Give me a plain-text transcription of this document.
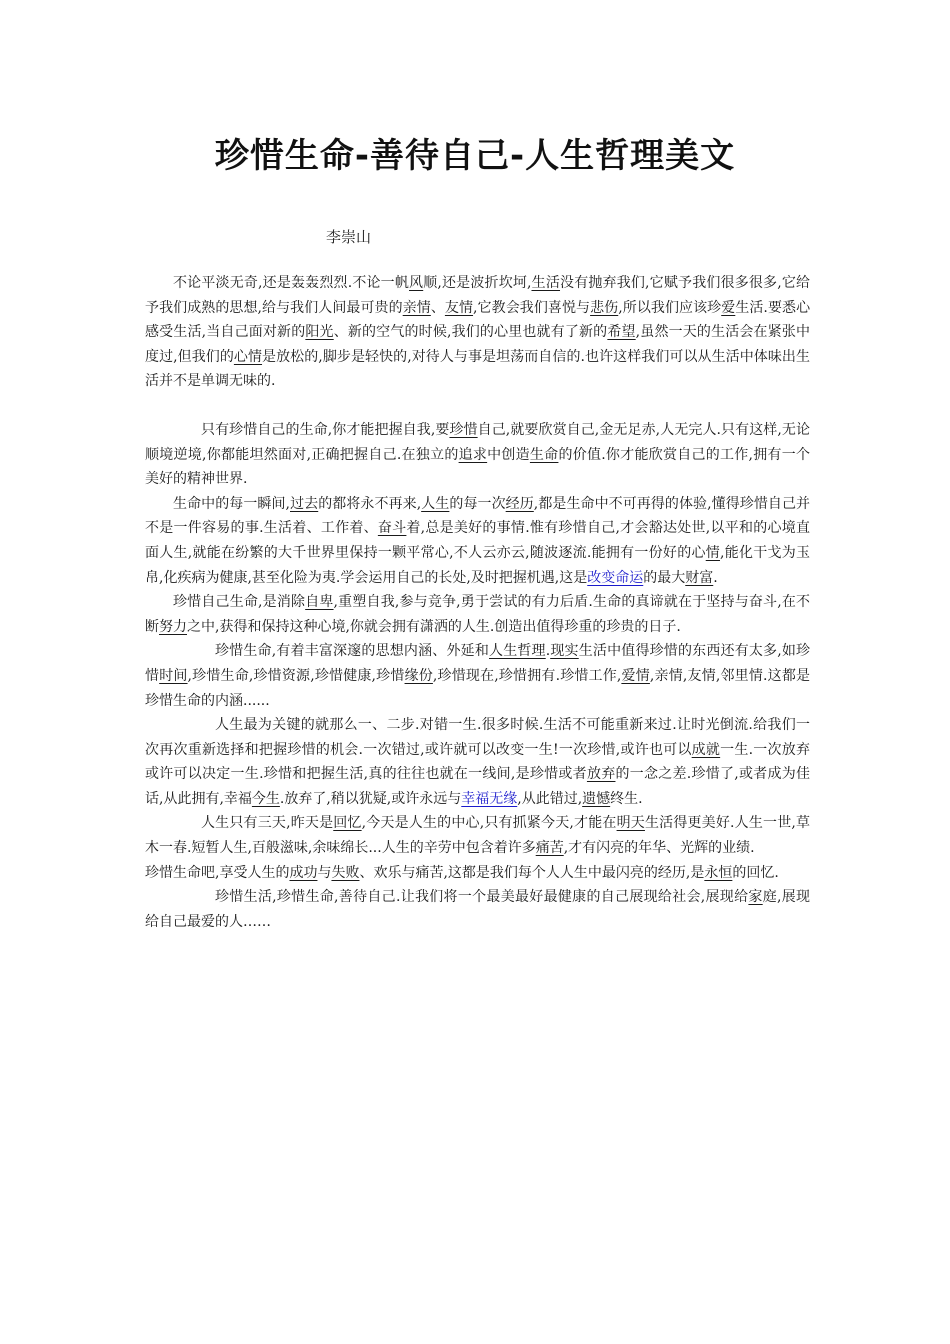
珍惜生命-善待自己-人生哲理美文

李崇山

不论平淡无奇,还是轰轰烈烈.不论一帆风顺,还是波折坎坷,生活没有抛弃我们,它赋予我们很多很多,它给予我们成熟的思想,给与我们人间最可贵的亲情、友情,它教会我们喜悦与悲伤,所以我们应该珍爱生活.要悉心感受生活,当自己面对新的阳光、新的空气的时候,我们的心里也就有了新的希望,虽然一天的生活会在紧张中度过,但我们的心情是放松的,脚步是轻快的,对待人与事是坦荡而自信的.也许这样我们可以从生活中体味出生活并不是单调无味的.

只有珍惜自己的生命,你才能把握自我,要珍惜自己,就要欣赏自己,金无足赤,人无完人.只有这样,无论顺境逆境,你都能坦然面对,正确把握自己.在独立的追求中创造生命的价值.你才能欣赏自己的工作,拥有一个美好的精神世界.

生命中的每一瞬间,过去的都将永不再来,人生的每一次经历,都是生命中不可再得的体验,懂得珍惜自己并不是一件容易的事.生活着、工作着、奋斗着,总是美好的事情.惟有珍惜自己,才会豁达处世,以平和的心境直面人生,就能在纷繁的大千世界里保持一颗平常心,不人云亦云,随波逐流.能拥有一份好的心情,能化干戈为玉帛,化疾病为健康,甚至化险为夷.学会运用自己的长处,及时把握机遇,这是改变命运的最大财富.

珍惜自己生命,是消除自卑,重塑自我,参与竞争,勇于尝试的有力后盾.生命的真谛就在于坚持与奋斗,在不断努力之中,获得和保持这种心境,你就会拥有潇洒的人生.创造出值得珍重的珍贵的日子.

珍惜生命,有着丰富深邃的思想内涵、外延和人生哲理.现实生活中值得珍惜的东西还有太多,如珍惜时间,珍惜生命,珍惜资源,珍惜健康,珍惜缘份,珍惜现在,珍惜拥有.珍惜工作,爱情,亲情,友情,邻里情.这都是珍惜生命的内涵......

人生最为关键的就那么一、二步.对错一生.很多时候.生活不可能重新来过.让时光倒流.给我们一次再次重新选择和把握珍惜的机会.一次错过,或许就可以改变一生!一次珍惜,或许也可以成就一生.一次放弃或许可以决定一生.珍惜和把握生活,真的往往也就在一线间,是珍惜或者放弃的一念之差.珍惜了,或者成为佳话,从此拥有,幸福今生.放弃了,稍以犹疑,或许永远与幸福无缘,从此错过,遗憾终生.

人生只有三天,昨天是回忆,今天是人生的中心,只有抓紧今天,才能在明天生活得更美好.人生一世,草木一春.短暂人生,百般滋味,余味绵长...人生的辛劳中包含着许多痛苦,才有闪亮的年华、光辉的业绩.

珍惜生命吧,享受人生的成功与失败、欢乐与痛苦,这都是我们每个人人生中最闪亮的经历,是永恒的回忆.

珍惜生活,珍惜生命,善待自己.让我们将一个最美最好最健康的自己展现给社会,展现给家庭,展现给自己最爱的人……
